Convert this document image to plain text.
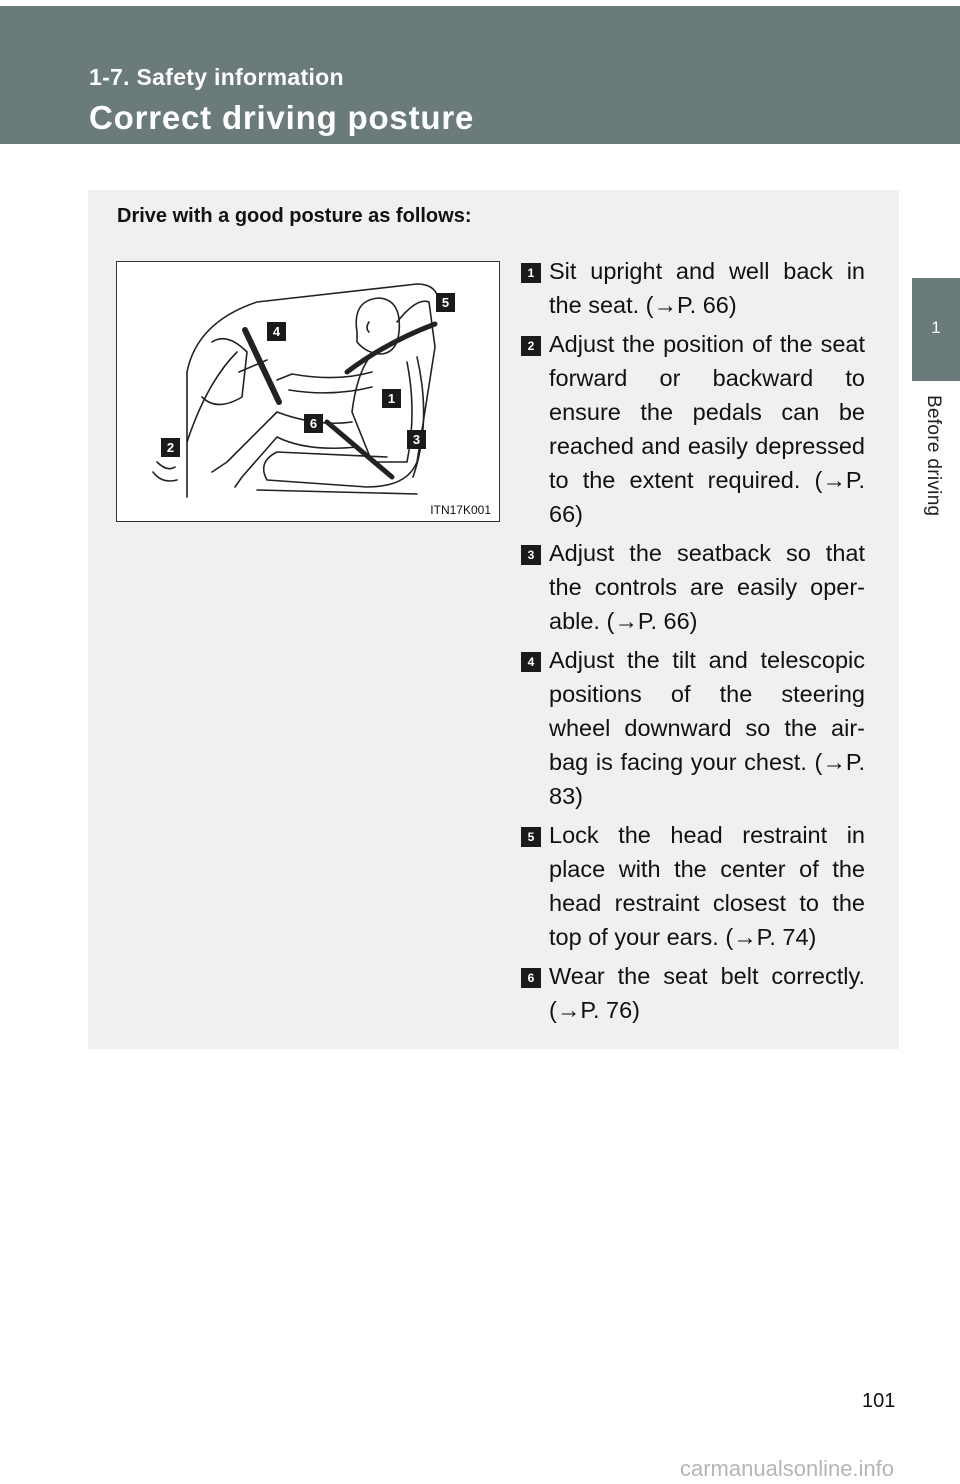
1-7. Safety information
Correct driving posture
1
Before driving
Drive with a good posture as follows:
1
2
3
4
5
6
ITN17K001
1 Sit upright and well back in the seat. (→P. 66)
2 Adjust the position of the seat forward or backward to ensure the pedals can be reached and easily depressed to the extent required. (→P. 66)
3 Adjust the seatback so that the controls are easily oper-able. (→P. 66)
4 Adjust the tilt and telescopic positions of the steering wheel downward so the air-bag is facing your chest. (→P. 83)
5 Lock the head restraint in place with the center of the head restraint closest to the top of your ears. (→P. 74)
6 Wear the seat belt correctly. (→P. 76)
101
carmanualsonline.info
